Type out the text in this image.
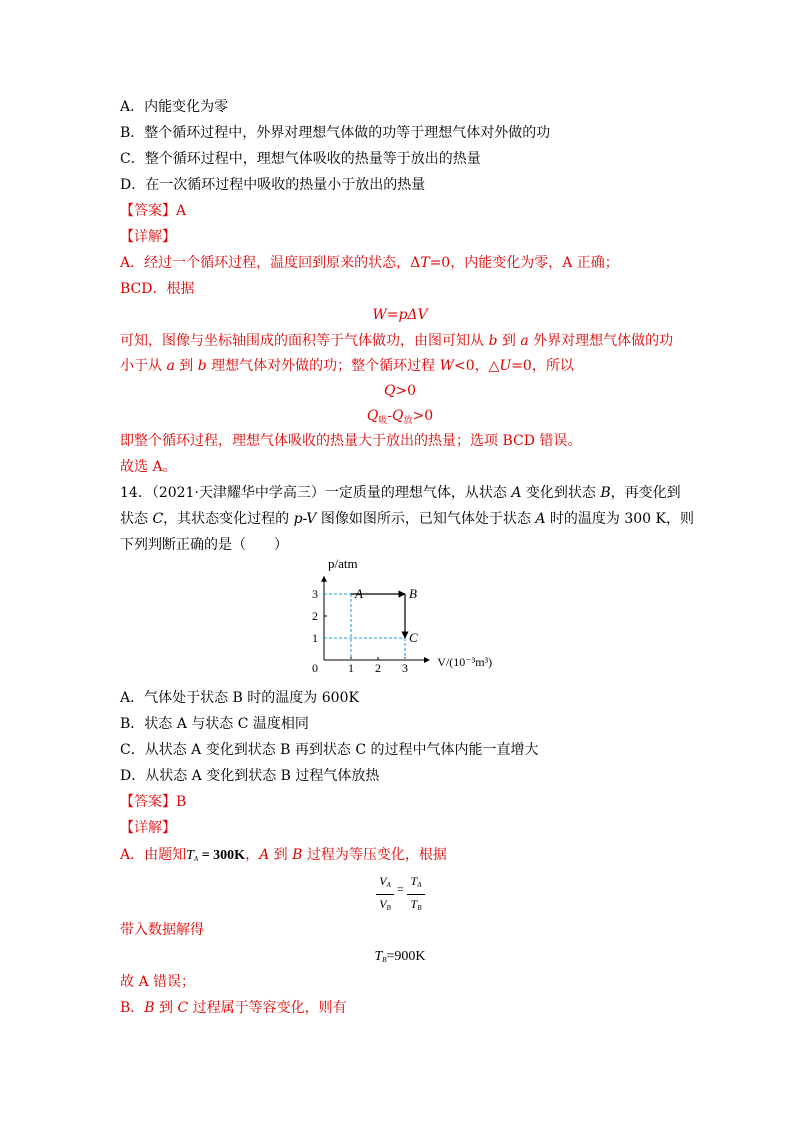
A．内能变化为零
B．整个循环过程中，外界对理想气体做的功等于理想气体对外做的功
C．整个循环过程中，理想气体吸收的热量等于放出的热量
D．在一次循环过程中吸收的热量小于放出的热量
【答案】A
【详解】
A．经过一个循环过程，温度回到原来的状态，ΔT=0，内能变化为零，A 正确；
BCD．根据
W=pΔV
可知，图像与坐标轴围成的面积等于气体做功，由图可知从 b 到 a 外界对理想气体做的功
小于从 a 到 b 理想气体对外做的功；整个循环过程 W<0，△U=0，所以
Q>0
$Q_吸-Q_放>0$
即整个循环过程，理想气体吸收的热量大于放出的热量；选项 BCD 错误。
故选 A。
14．（2021·天津耀华中学高三）一定质量的理想气体，从状态 A 变化到状态 B，再变化到
状态 C，其状态变化过程的 p-V 图像如图所示，已知气体处于状态 A 时的温度为 300 K，则
下列判断正确的是（　　）
1 2 3
1
2
3
0
p/atm
V/(10⁻³m³)
A	B
C
A．气体处于状态 B 时的温度为 600K
B．状态 A 与状态 C 温度相同
C．从状态 A 变化到状态 B 再到状态 C 的过程中气体内能一直增大
D．从状态 A 变化到状态 B 过程气体放热
【答案】B
【详解】
A．由题知TA = 300K，A 到 B 过程为等压变化，根据
VA
VB
=
TA
TB
带入数据解得
TB=900K
故 A 错误；
B．B 到 C 过程属于等容变化，则有
